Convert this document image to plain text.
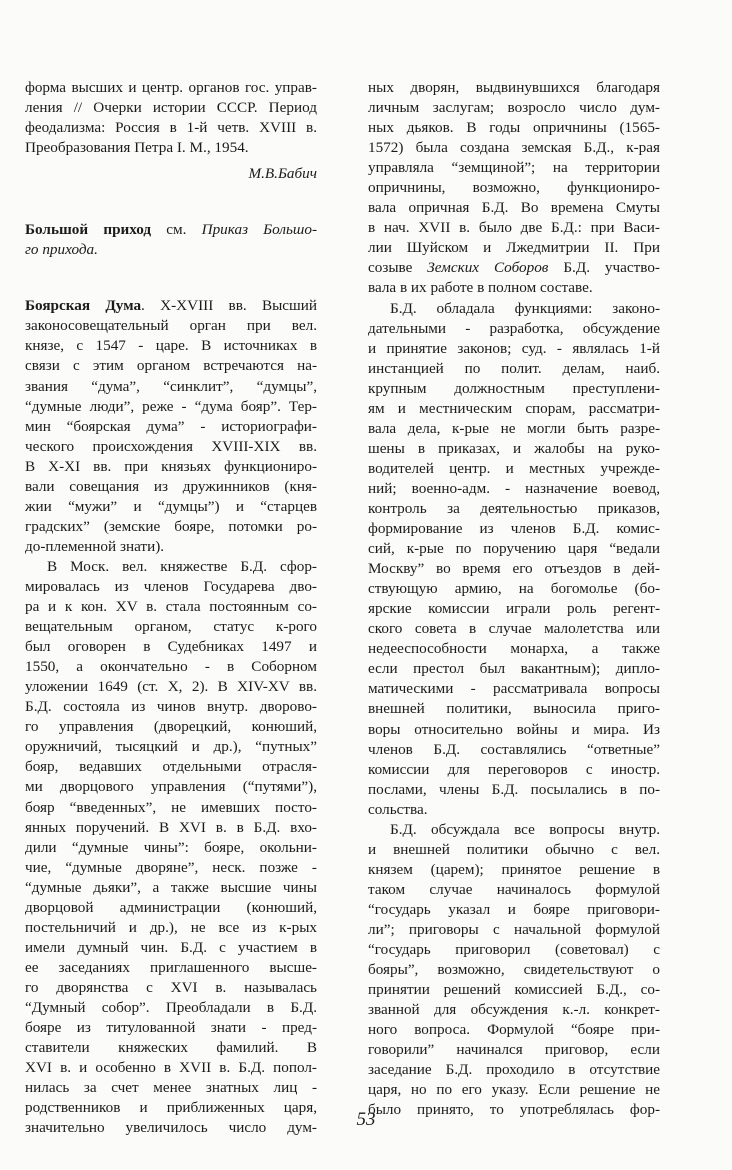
форма высших и центр. органов гос. управ-
ления // Очерки истории СССР. Период
феодализма: Россия в 1-й четв. XVIII в.
Преобразования Петра I. М., 1954.
М.В.Бабич
Большой приход см. Приказ Большо-
го прихода.
Боярская Дума. X-XVIII вв. Высший
законосовещательный орган при вел.
князе, с 1547 - царе. В источниках в
связи с этим органом встречаются на-
звания “дума”, “синклит”, “думцы”,
“думные люди”, реже - “дума бояр”. Тер-
мин “боярская дума” - историографи-
ческого происхождения XVIII-XIX вв.
В X-XI вв. при князьях функциониро-
вали совещания из дружинников (кня-
жии “мужи” и “думцы”) и “старцев
градских” (земские бояре, потомки ро-
до-племенной знати).
В Моск. вел. княжестве Б.Д. сфор-
мировалась из членов Государева дво-
ра и к кон. XV в. стала постоянным со-
вещательным органом, статус к-рого
был оговорен в Судебниках 1497 и
1550, а окончательно - в Соборном
уложении 1649 (ст. X, 2). В XIV-XV вв.
Б.Д. состояла из чинов внутр. дворово-
го управления (дворецкий, конюший,
оружничий, тысяцкий и др.), “путных”
бояр, ведавших отдельными отрасля-
ми дворцового управления (“путями”),
бояр “введенных”, не имевших посто-
янных поручений. В XVI в. в Б.Д. вхо-
дили “думные чины”: бояре, окольни-
чие, “думные дворяне”, неск. позже -
“думные дьяки”, а также высшие чины
дворцовой администрации (конюший,
постельничий и др.), не все из к-рых
имели думный чин. Б.Д. с участием в
ее заседаниях приглашенного высше-
го дворянства с XVI в. называлась
“Думный собор”. Преобладали в Б.Д.
бояре из титулованной знати - пред-
ставители княжеских фамилий. В
XVI в. и особенно в XVII в. Б.Д. попол-
нилась за счет менее знатных лиц -
родственников и приближенных царя,
значительно увеличилось число дум-
ных дворян, выдвинувшихся благодаря
личным заслугам; возросло число дум-
ных дьяков. В годы опричнины (1565-
1572) была создана земская Б.Д., к-рая
управляла “земщиной”; на территории
опричнины, возможно, функциониро-
вала опричная Б.Д. Во времена Смуты
в нач. XVII в. было две Б.Д.: при Васи-
лии Шуйском и Лжедмитрии II. При
созыве Земских Соборов Б.Д. участво-
вала в их работе в полном составе.
Б.Д. обладала функциями: законо-
дательными - разработка, обсуждение
и принятие законов; суд. - являлась 1-й
инстанцией по полит. делам, наиб.
крупным должностным преступлени-
ям и местническим спорам, рассматри-
вала дела, к-рые не могли быть разре-
шены в приказах, и жалобы на руко-
водителей центр. и местных учрежде-
ний; военно-адм. - назначение воевод,
контроль за деятельностью приказов,
формирование из членов Б.Д. комис-
сий, к-рые по поручению царя “ведали
Москву” во время его отъездов в дей-
ствующую армию, на богомолье (бо-
ярские комиссии играли роль регент-
ского совета в случае малолетства или
недееспособности монарха, а также
если престол был вакантным); дипло-
матическими - рассматривала вопросы
внешней политики, выносила приго-
воры относительно войны и мира. Из
членов Б.Д. составлялись “ответные”
комиссии для переговоров с иностр.
послами, члены Б.Д. посылались в по-
сольства.
Б.Д. обсуждала все вопросы внутр.
и внешней политики обычно с вел.
князем (царем); принятое решение в
таком случае начиналось формулой
“государь указал и бояре приговори-
ли”; приговоры с начальной формулой
“государь приговорил (советовал) с
бояры”, возможно, свидетельствуют о
принятии решений комиссией Б.Д., со-
званной для обсуждения к.-л. конкрет-
ного вопроса. Формулой “бояре при-
говорили” начинался приговор, если
заседание Б.Д. проходило в отсутствие
царя, но по его указу. Если решение не
было принято, то употреблялась фор-
53
